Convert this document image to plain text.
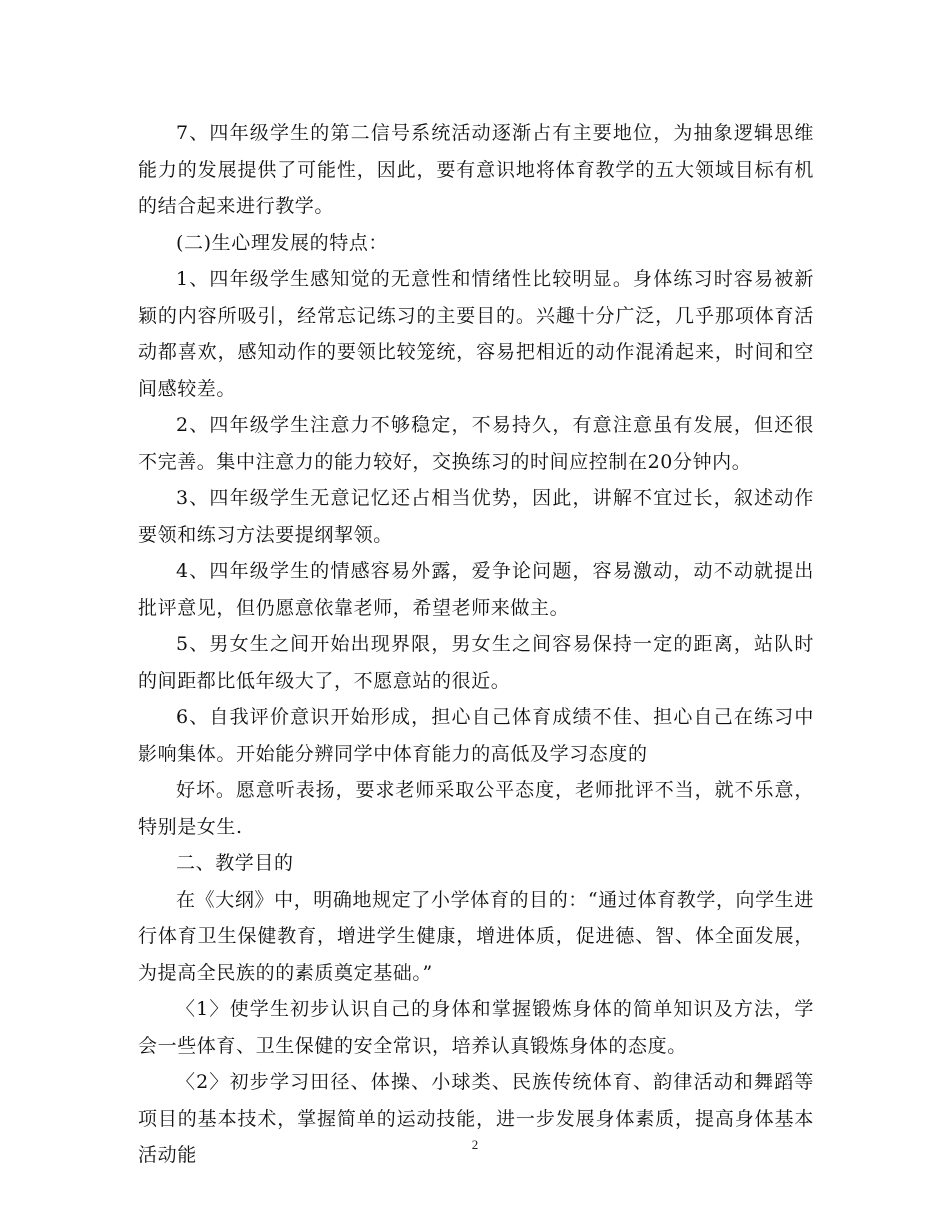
7、四年级学生的第二信号系统活动逐渐占有主要地位，为抽象逻辑思维能力的发展提供了可能性，因此，要有意识地将体育教学的五大领域目标有机的结合起来进行教学。

(二)生心理发展的特点：

1、四年级学生感知觉的无意性和情绪性比较明显。身体练习时容易被新颖的内容所吸引，经常忘记练习的主要目的。兴趣十分广泛，几乎那项体育活动都喜欢，感知动作的要领比较笼统，容易把相近的动作混淆起来，时间和空间感较差。

2、四年级学生注意力不够稳定，不易持久，有意注意虽有发展，但还很不完善。集中注意力的能力较好，交换练习的时间应控制在20分钟内。

3、四年级学生无意记忆还占相当优势，因此，讲解不宜过长，叙述动作要领和练习方法要提纲挈领。

4、四年级学生的情感容易外露，爱争论问题，容易激动，动不动就提出批评意见，但仍愿意依靠老师，希望老师来做主。

5、男女生之间开始出现界限，男女生之间容易保持一定的距离，站队时的间距都比低年级大了，不愿意站的很近。

6、自我评价意识开始形成，担心自己体育成绩不佳、担心自己在练习中影响集体。开始能分辨同学中体育能力的高低及学习态度的

好坏。愿意听表扬，要求老师采取公平态度，老师批评不当，就不乐意，特别是女生.

二、教学目的

在《大纲》中，明确地规定了小学体育的目的：“通过体育教学，向学生进行体育卫生保健教育，增进学生健康，增进体质，促进德、智、体全面发展，为提高全民族的的素质奠定基础。”

〈1〉使学生初步认识自己的身体和掌握锻炼身体的简单知识及方法，学会一些体育、卫生保健的安全常识，培养认真锻炼身体的态度。

〈2〉初步学习田径、体操、小球类、民族传统体育、韵律活动和舞蹈等项目的基本技术，掌握简单的运动技能，进一步发展身体素质，提高身体基本活动能	2
